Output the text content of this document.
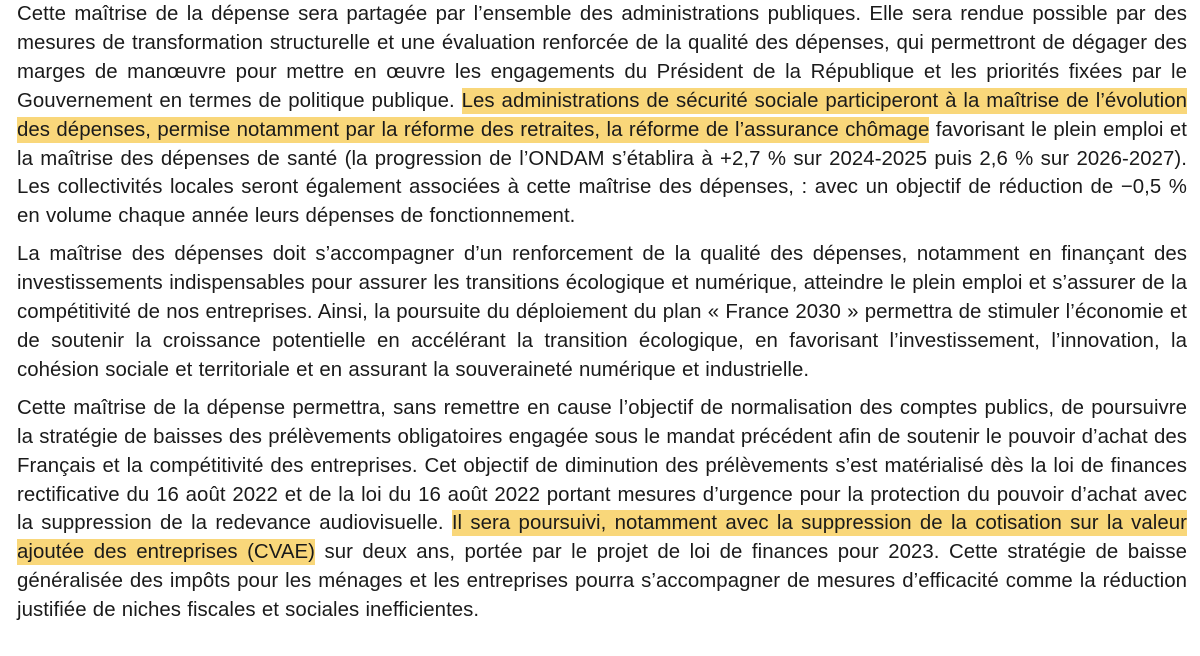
Cette maîtrise de la dépense sera partagée par l’ensemble des administrations publiques. Elle sera rendue possible par des mesures de transformation structurelle et une évaluation renforcée de la qualité des dépenses, qui permettront de dégager des marges de manœuvre pour mettre en œuvre les engagements du Président de la République et les priorités fixées par le Gouvernement en termes de politique publique. Les administrations de sécurité sociale participeront à la maîtrise de l’évolution des dépenses, permise notamment par la réforme des retraites, la réforme de l’assurance chômage favorisant le plein emploi et la maîtrise des dépenses de santé (la progression de l’ONDAM s’établira à +2,7 % sur 2024-2025 puis 2,6 % sur 2026-2027). Les collectivités locales seront également associées à cette maîtrise des dépenses, : avec un objectif de réduction de −0,5 % en volume chaque année leurs dépenses de fonctionnement.

La maîtrise des dépenses doit s’accompagner d’un renforcement de la qualité des dépenses, notamment en finançant des investissements indispensables pour assurer les transitions écologique et numérique, atteindre le plein emploi et s’assurer de la compétitivité de nos entreprises. Ainsi, la poursuite du déploiement du plan « France 2030 » permettra de stimuler l’économie et de soutenir la croissance potentielle en accélérant la transition écologique, en favorisant l’investissement, l’innovation, la cohésion sociale et territoriale et en assurant la souveraineté numérique et industrielle.

Cette maîtrise de la dépense permettra, sans remettre en cause l’objectif de normalisation des comptes publics, de poursuivre la stratégie de baisses des prélèvements obligatoires engagée sous le mandat précédent afin de soutenir le pouvoir d’achat des Français et la compétitivité des entreprises. Cet objectif de diminution des prélèvements s’est matérialisé dès la loi de finances rectificative du 16 août 2022 et de la loi du 16 août 2022 portant mesures d’urgence pour la protection du pouvoir d’achat avec la suppression de la redevance audiovisuelle. Il sera poursuivi, notamment avec la suppression de la cotisation sur la valeur ajoutée des entreprises (CVAE) sur deux ans, portée par le projet de loi de finances pour 2023. Cette stratégie de baisse généralisée des impôts pour les ménages et les entreprises pourra s’accompagner de mesures d’efficacité comme la réduction justifiée de niches fiscales et sociales inefficientes.
